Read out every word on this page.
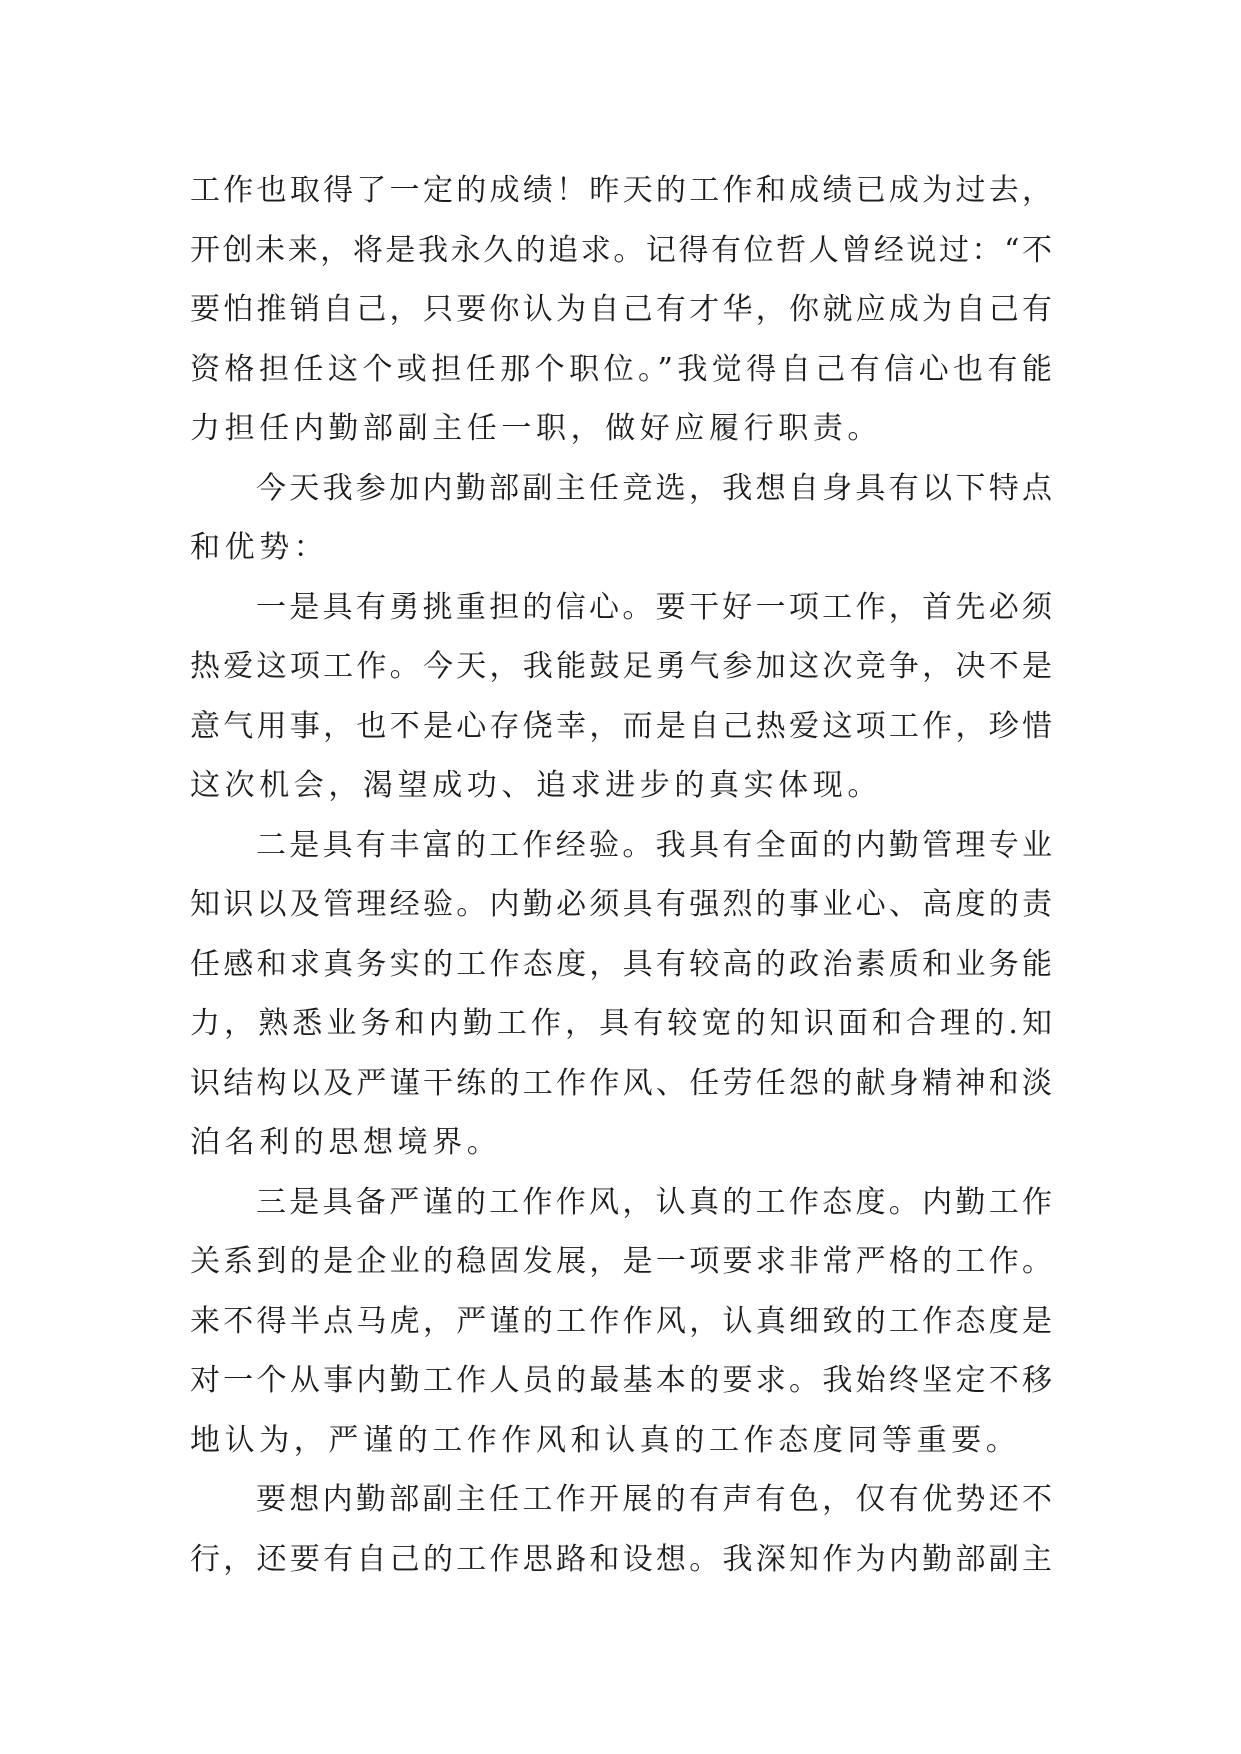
工作也取得了一定的成绩！昨天的工作和成绩已成为过去，
开创未来，将是我永久的追求。记得有位哲人曾经说过：“不
要怕推销自己，只要你认为自己有才华，你就应成为自己有
资格担任这个或担任那个职位。”我觉得自己有信心也有能
力担任内勤部副主任一职，做好应履行职责。
今天我参加内勤部副主任竞选，我想自身具有以下特点
和优势：
一是具有勇挑重担的信心。要干好一项工作，首先必须
热爱这项工作。今天，我能鼓足勇气参加这次竞争，决不是
意气用事，也不是心存侥幸，而是自己热爱这项工作，珍惜
这次机会，渴望成功、追求进步的真实体现。
二是具有丰富的工作经验。我具有全面的内勤管理专业
知识以及管理经验。内勤必须具有强烈的事业心、高度的责
任感和求真务实的工作态度，具有较高的政治素质和业务能
力，熟悉业务和内勤工作，具有较宽的知识面和合理的.知
识结构以及严谨干练的工作作风、任劳任怨的献身精神和淡
泊名利的思想境界。
三是具备严谨的工作作风，认真的工作态度。内勤工作
关系到的是企业的稳固发展，是一项要求非常严格的工作。
来不得半点马虎，严谨的工作作风，认真细致的工作态度是
对一个从事内勤工作人员的最基本的要求。我始终坚定不移
地认为，严谨的工作作风和认真的工作态度同等重要。
要想内勤部副主任工作开展的有声有色，仅有优势还不
行，还要有自己的工作思路和设想。我深知作为内勤部副主
